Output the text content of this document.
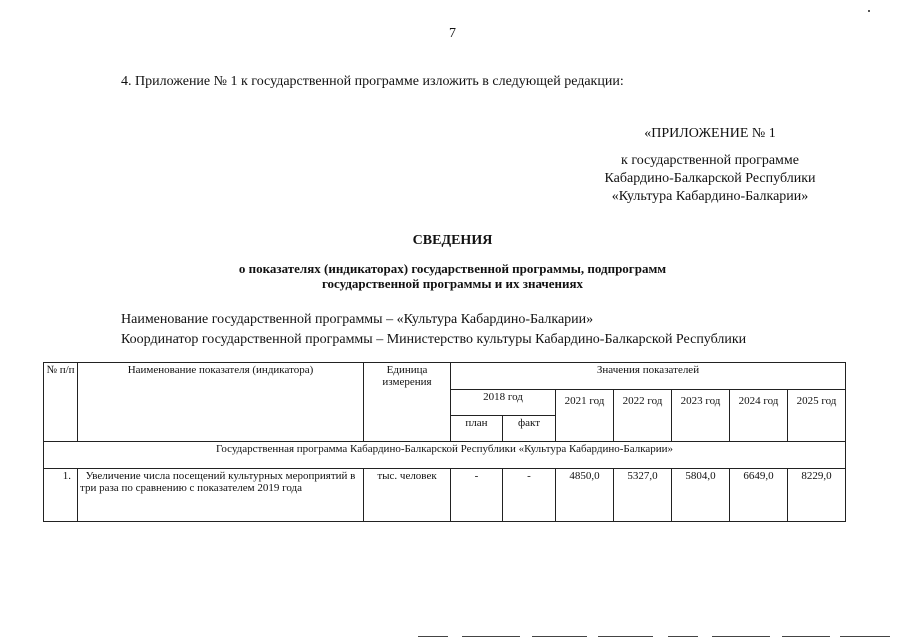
7
4. Приложение № 1 к государственной программе изложить в следующей редакции:
«ПРИЛОЖЕНИЕ № 1
к государственной программе
Кабардино-Балкарской Республики
«Культура Кабардино-Балкарии»
СВЕДЕНИЯ
о показателях (индикаторах) государственной программы, подпрограмм
государственной программы и их значениях
Наименование государственной программы – «Культура Кабардино-Балкарии»
Координатор государственной программы – Министерство культуры Кабардино-Балкарской Республики
№ п/п	Наименование показателя (индикатора)	Единица измерения	Значения показателей						
			2018 год		2021 год	2022 год	2023 год	2024 год	2025 год
			план	факт					
Государственная программа Кабардино-Балкарской Республики «Культура Кабардино-Балкарии»									
1.	Увеличение числа посещений культурных мероприятий в три раза по сравнению с показателем 2019 года	тыс. человек	-	-	4850,0	5327,0	5804,0	6649,0	8229,0
